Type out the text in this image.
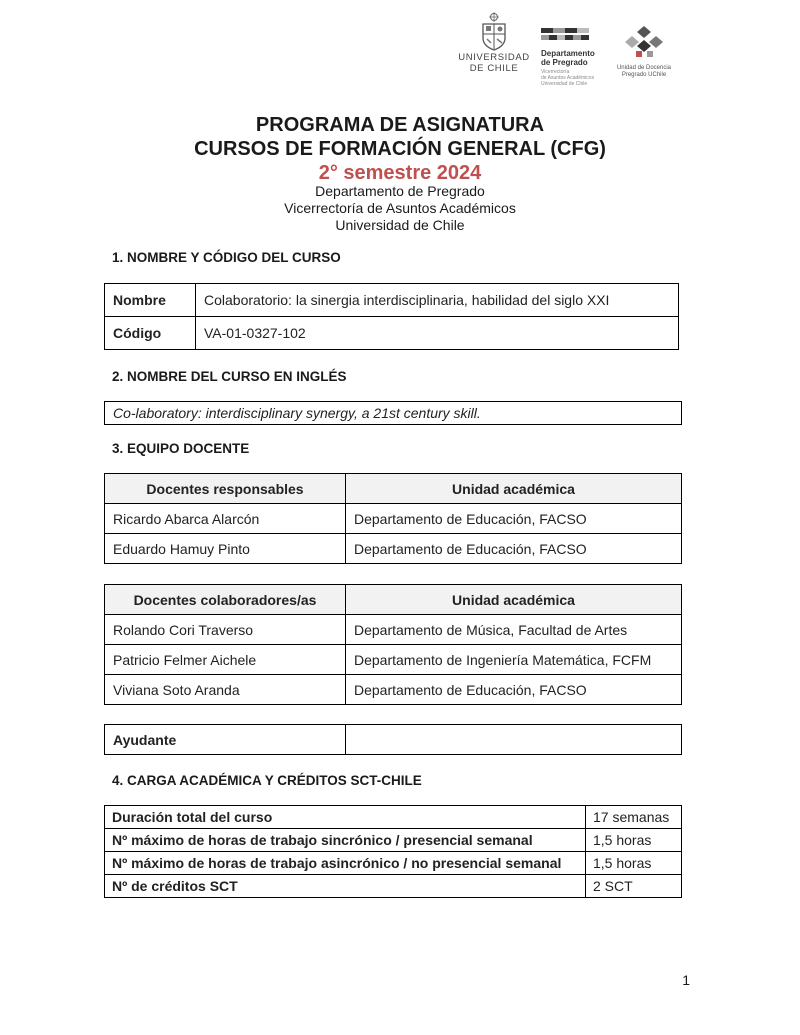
UNIVERSIDAD
DE CHILE
Departamento
de Pregrado
Vicerrectoría
de Asuntos Académicos
Universidad de Chile
Unidad de Docencia
Pregrado UChile
PROGRAMA DE ASIGNATURA
CURSOS DE FORMACIÓN GENERAL (CFG)
2° semestre 2024
Departamento de Pregrado
Vicerrectoría de Asuntos Académicos
Universidad de Chile
1. NOMBRE Y CÓDIGO DEL CURSO
Nombre	Colaboratorio: la sinergia interdisciplinaria, habilidad del siglo XXI
Código	VA-01-0327-102
2. NOMBRE DEL CURSO EN INGLÉS
Co-laboratory: interdisciplinary synergy, a 21st century skill.
3. EQUIPO DOCENTE
Docentes responsables	Unidad académica
Ricardo Abarca Alarcón	Departamento de Educación, FACSO
Eduardo Hamuy Pinto	Departamento de Educación, FACSO
Docentes colaboradores/as	Unidad académica
Rolando Cori Traverso	Departamento de Música, Facultad de Artes
Patricio Felmer Aichele	Departamento de Ingeniería Matemática, FCFM
Viviana Soto Aranda	Departamento de Educación, FACSO
Ayudante	
4. CARGA ACADÉMICA Y CRÉDITOS SCT-CHILE
Duración total del curso	17 semanas
Nº máximo de horas de trabajo sincrónico / presencial semanal	1,5 horas
Nº máximo de horas de trabajo asincrónico / no presencial semanal	1,5 horas
Nº de créditos SCT	2 SCT
1
